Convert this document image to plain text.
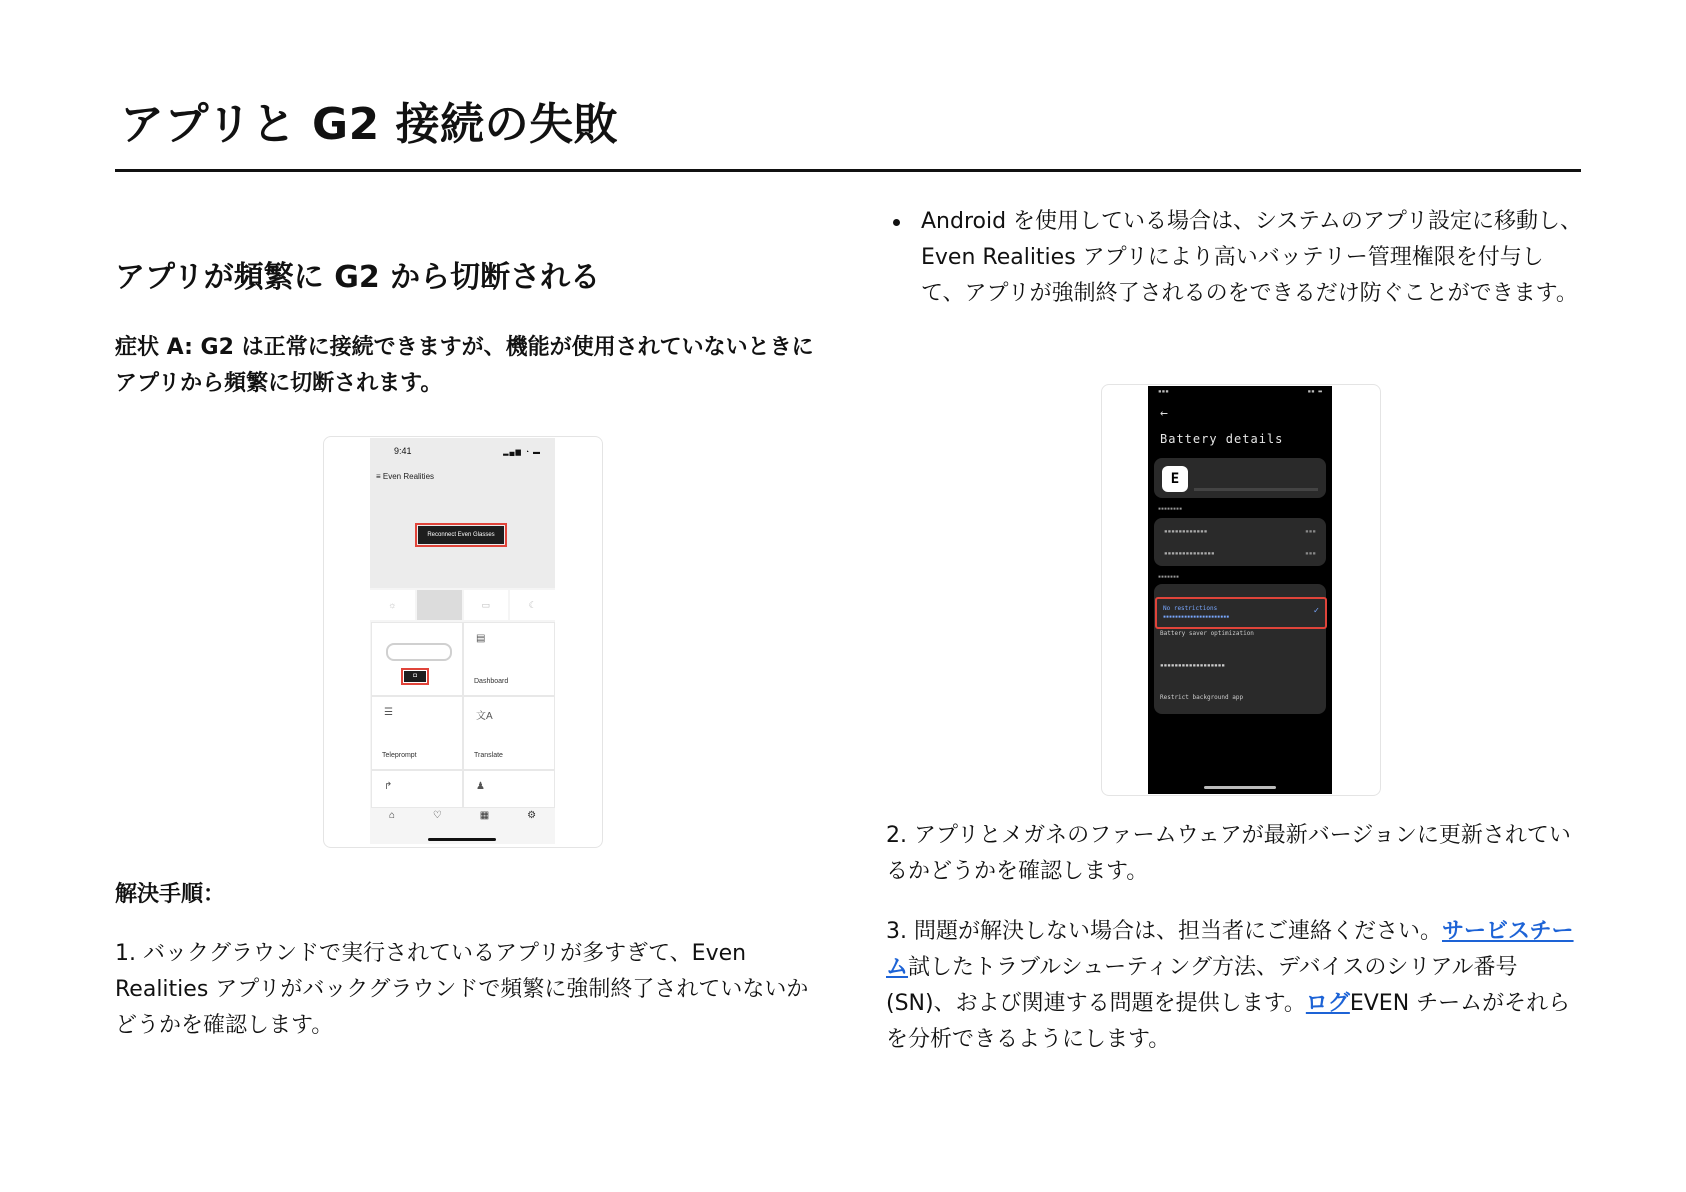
アプリと G2 接続の失敗
アプリが頻繁に G2 から切断される

症状 A: G2 は正常に接続できますが、機能が使用されていないときにアプリから頻繁に切断されます。

9:41	▂▄▆ ◔ ▬
≡ Even Realities
Reconnect Even Glasses
☼	▭	☾
◘
▤
Dashboard
☰
Teleprompt
文A
Translate
↱	♟
⌂	♡	▦	⚙

解決手順：

1. バックグラウンドで実行されているアプリが多すぎて、Even Realities アプリがバックグラウンドで頻繁に強制終了されていないかどうかを確認します。

Android を使用している場合は、システムのアプリ設定に移動し、Even Realities アプリにより高いバッテリー管理権限を付与して、アプリが強制終了されるのをできるだけ防ぐことができます。
▪▪▪	▪▪ ▬
←
Battery details
E
▪▪▪▪▪▪▪▪
▪▪▪▪▪▪▪▪▪▪▪▪	▪▪▪
▪▪▪▪▪▪▪▪▪▪▪▪▪▪	▪▪▪
▪▪▪▪▪▪▪
No restrictions
▪▪▪▪▪▪▪▪▪▪▪▪▪▪▪▪▪▪▪▪▪▪
✓
Battery saver optimization
▪▪▪▪▪▪▪▪▪▪▪▪▪▪▪▪▪▪
Restrict background app

2. アプリとメガネのファームウェアが最新バージョンに更新されているかどうかを確認します。

3. 問題が解決しない場合は、担当者にご連絡ください。サービスチーム試したトラブルシューティング方法、デバイスのシリアル番号 (SN)、および関連する問題を提供します。ログEVEN チームがそれらを分析できるようにします。
